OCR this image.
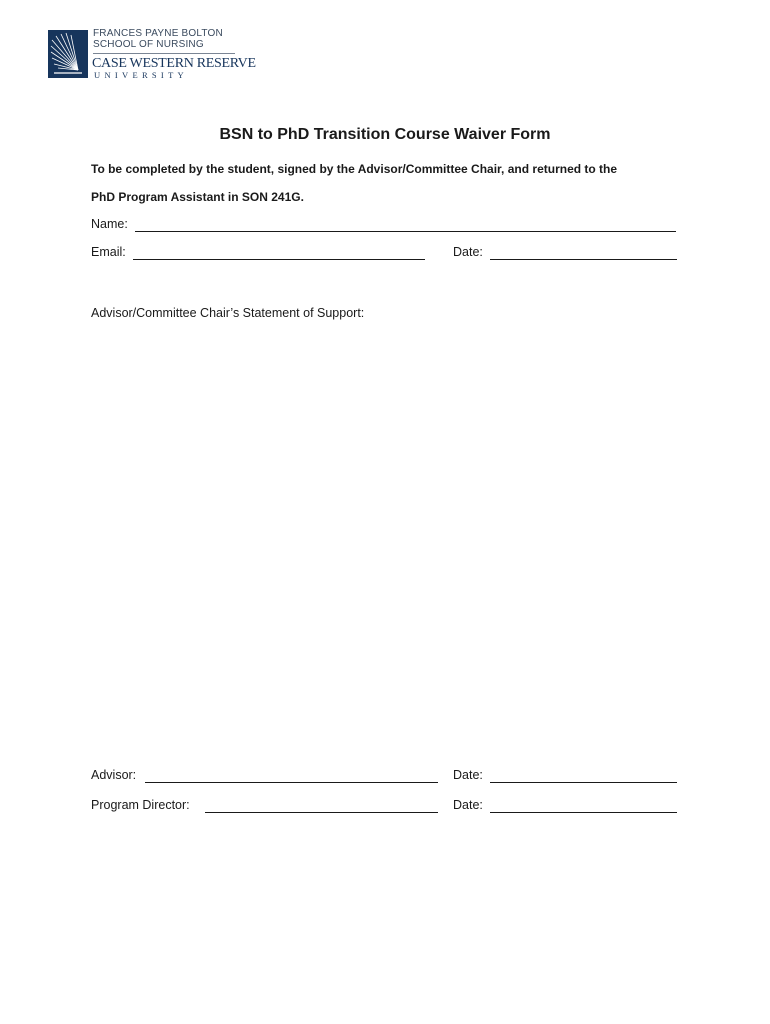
FRANCES PAYNE BOLTON
SCHOOL OF NURSING
CASE WESTERN RESERVE
UNIVERSITY
BSN to PhD Transition Course Waiver Form
To be completed by the student, signed by the Advisor/Committee Chair, and returned to the
PhD Program Assistant in SON 241G.
Name:
Email:	Date:
Advisor/Committee Chair’s Statement of Support:
Advisor:	Date:
Program Director:	Date:
